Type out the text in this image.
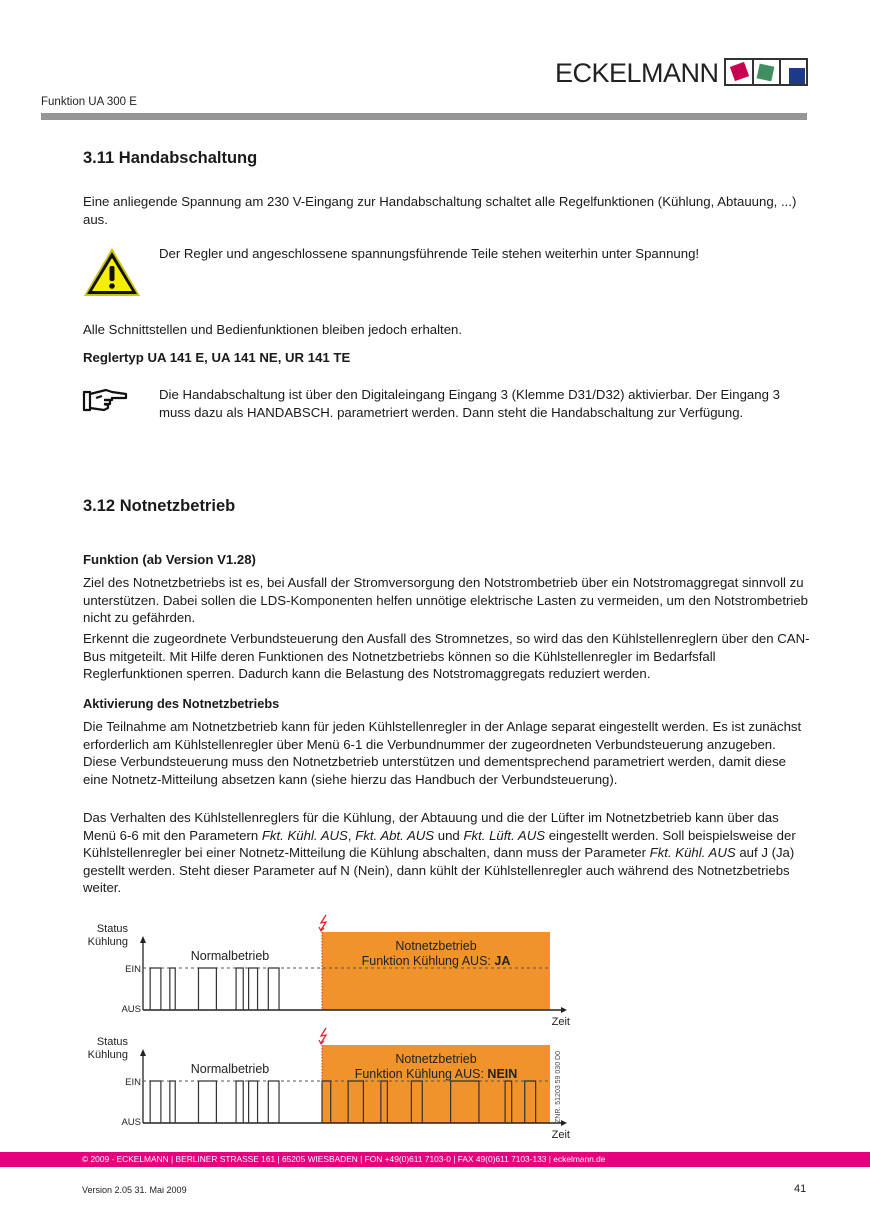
ECKELMANN
Funktion UA 300 E
3.11 Handabschaltung
Eine anliegende Spannung am 230 V-Eingang zur Handabschaltung schaltet alle Regelfunktionen (Kühlung, Abtauung, ...) aus.
Der Regler und angeschlossene spannungsführende Teile stehen weiterhin unter Spannung!
Alle Schnittstellen und Bedienfunktionen bleiben jedoch erhalten.
Reglertyp UA 141 E, UA 141 NE, UR 141 TE
Die Handabschaltung ist über den Digitaleingang Eingang 3 (Klemme D31/D32) aktivierbar. Der Eingang 3 muss dazu als HANDABSCH. parametriert werden. Dann steht die Handabschaltung zur Verfügung.
3.12 Notnetzbetrieb
Funktion (ab Version V1.28)
Ziel des Notnetzbetriebs ist es, bei Ausfall der Stromversorgung den Notstrombetrieb über ein Notstromaggregat sinnvoll zu unterstützen. Dabei sollen die LDS-Komponenten helfen unnötige elektrische Lasten zu vermeiden, um den Notstrombetrieb nicht zu gefährden.
Erkennt die zugeordnete Verbundsteuerung den Ausfall des Stromnetzes, so wird das den Kühlstellenreglern über den CAN-Bus mitgeteilt. Mit Hilfe deren Funktionen des Notnetzbetriebs können so die Kühlstellenregler im Bedarfsfall Reglerfunktionen sperren. Dadurch kann die Belastung des Notstromaggregats reduziert werden.
Aktivierung des Notnetzbetriebs
Die Teilnahme am Notnetzbetrieb kann für jeden Kühlstellenregler in der Anlage separat eingestellt werden. Es ist zunächst erforderlich am Kühlstellenregler über Menü 6-1 die Verbundnummer der zugeordneten Verbundsteuerung anzugeben. Diese Verbundsteuerung muss den Notnetzbetrieb unterstützen und dementsprechend parametriert werden, damit diese eine Notnetz-Mitteilung absetzen kann (siehe hierzu das Handbuch der Verbundsteuerung).
Das Verhalten des Kühlstellenreglers für die Kühlung, der Abtauung und die der Lüfter im Notnetzbetrieb kann über das Menü 6-6 mit den Parametern Fkt. Kühl. AUS, Fkt. Abt. AUS und Fkt. Lüft. AUS eingestellt werden. Soll beispielsweise der Kühlstellenregler bei einer Notnetz-Mitteilung die Kühlung abschalten, dann muss der Parameter Fkt. Kühl. AUS auf J (Ja) gestellt werden. Steht dieser Parameter auf N (Nein), dann kühlt der Kühlstellenregler auch während des Notnetzbetriebs weiter.
Status
Kühlung
EIN
AUS
Zeit
Normalbetrieb
Notnetzbetrieb
Funktion Kühlung AUS: JA
Status
Kühlung
EIN
AUS
Zeit
Normalbetrieb
Notnetzbetrieb
Funktion Kühlung AUS: NEIN	ZNR. 51203 59 030 D0
© 2009 - ECKELMANN | BERLINER STRASSE 161 | 65205 WIESBADEN | FON +49(0)611 7103-0 | FAX 49(0)611 7103-133 | eckelmann.de
Version 2.05 31. Mai 2009	41
